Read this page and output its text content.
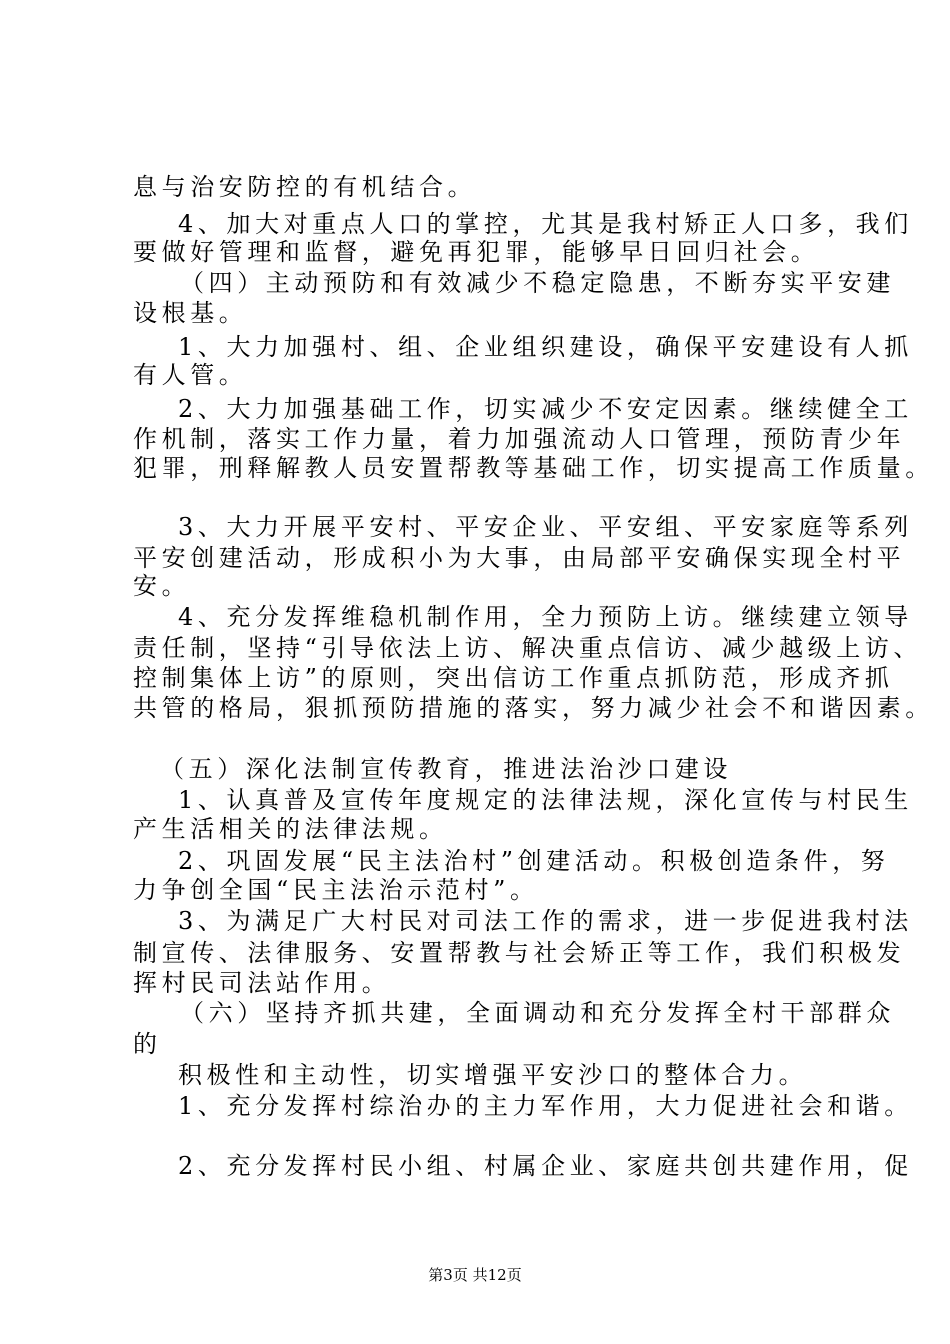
息与治安防控的有机结合。
4、加大对重点人口的掌控，尤其是我村矫正人口多，我们
要做好管理和监督，避免再犯罪，能够早日回归社会。
（四）主动预防和有效减少不稳定隐患，不断夯实平安建
设根基。
1、大力加强村、组、企业组织建设，确保平安建设有人抓
有人管。
2、大力加强基础工作，切实减少不安定因素。继续健全工
作机制，落实工作力量，着力加强流动人口管理，预防青少年
犯罪，刑释解教人员安置帮教等基础工作，切实提高工作质量。
3、大力开展平安村、平安企业、平安组、平安家庭等系列
平安创建活动，形成积小为大事，由局部平安确保实现全村平
安。
4、充分发挥维稳机制作用，全力预防上访。继续建立领导
责任制，坚持“引导依法上访、解决重点信访、减少越级上访、
控制集体上访”的原则，突出信访工作重点抓防范，形成齐抓
共管的格局，狠抓预防措施的落实，努力减少社会不和谐因素。
（五）深化法制宣传教育，推进法治沙口建设
1、认真普及宣传年度规定的法律法规，深化宣传与村民生
产生活相关的法律法规。
2、巩固发展“民主法治村”创建活动。积极创造条件，努
力争创全国“民主法治示范村”。
3、为满足广大村民对司法工作的需求，进一步促进我村法
制宣传、法律服务、安置帮教与社会矫正等工作，我们积极发
挥村民司法站作用。
（六）坚持齐抓共建，全面调动和充分发挥全村干部群众
的
积极性和主动性，切实增强平安沙口的整体合力。
1、充分发挥村综治办的主力军作用，大力促进社会和谐。
2、充分发挥村民小组、村属企业、家庭共创共建作用，促
第3页 共12页
